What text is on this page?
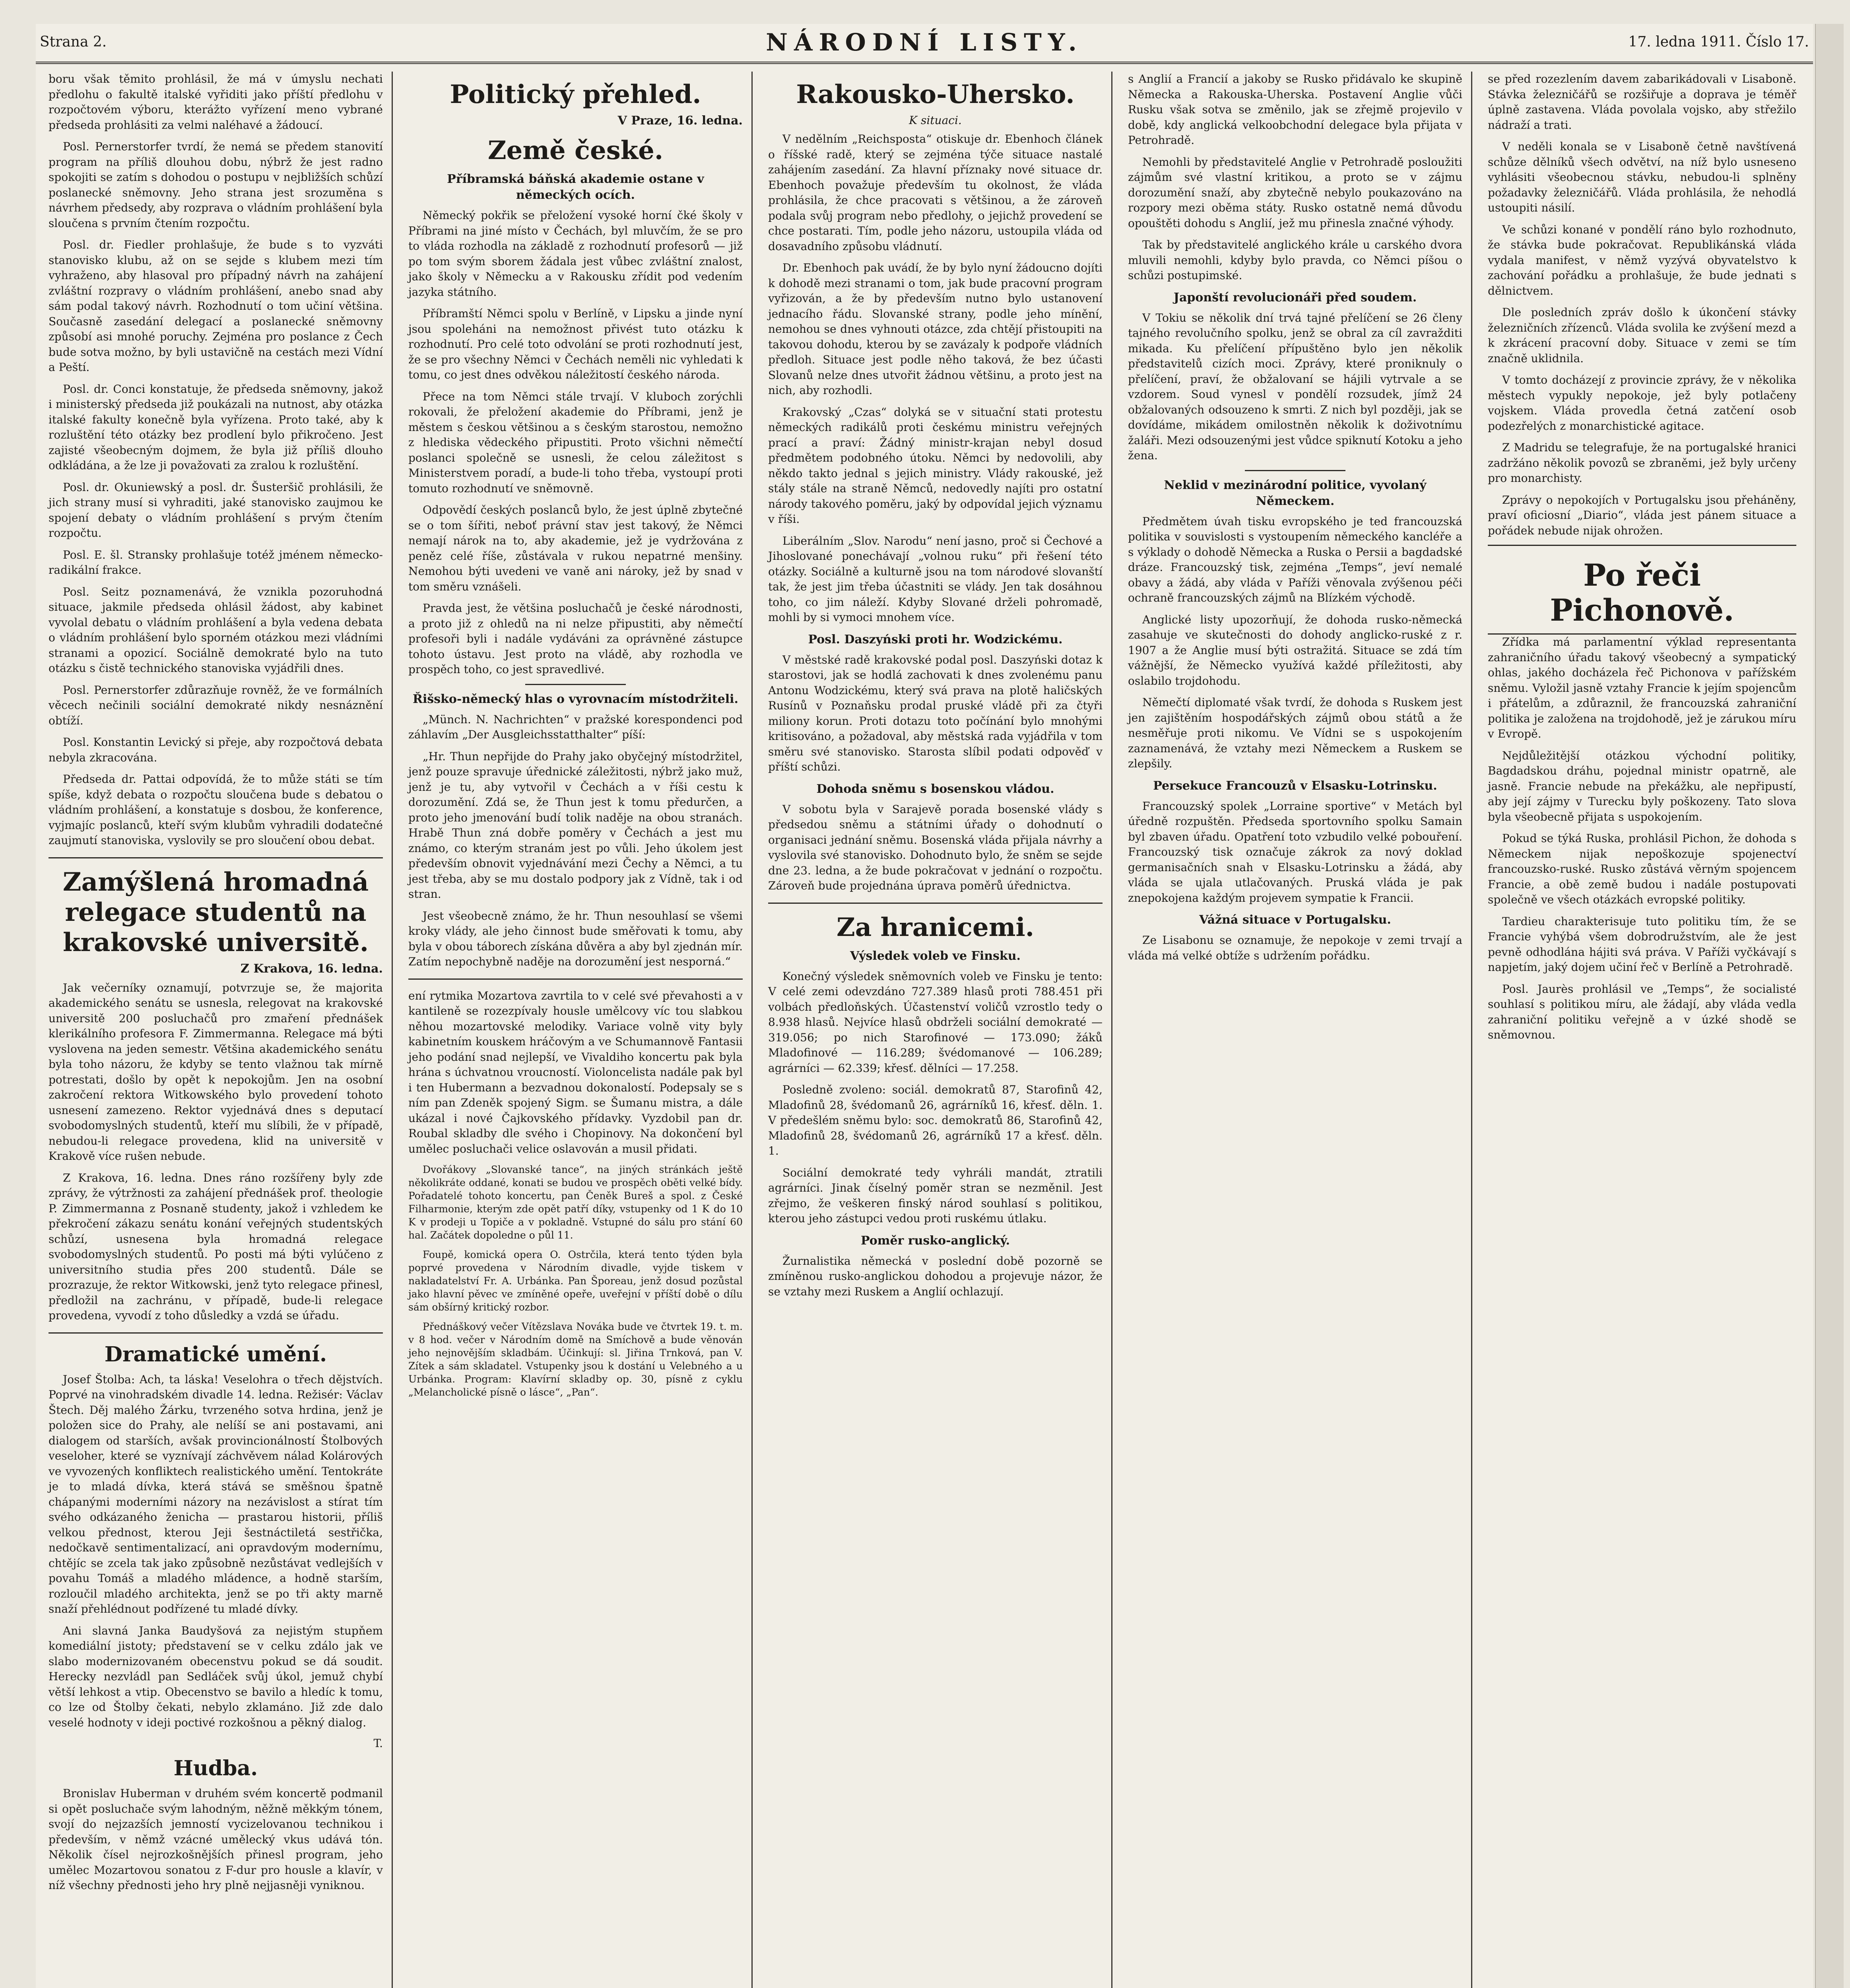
Strana 2.	NÁRODNÍ LISTY.	17. ledna 1911. Číslo 17.

boru však těmito prohlásil, že má v úmyslu nechati předlohu o fakultě italské vyřiditi jako příští předlohu v rozpočtovém výboru, kterážto vyřízení meno vybrané předseda prohlásiti za velmi naléhavé a žádoucí.

Posl. Pernerstorfer tvrdí, že nemá se předem stanovití program na příliš dlouhou dobu, nýbrž že jest radno spokojiti se zatím s dohodou o postupu v nejbližších schůzí poslanecké sněmovny. Jeho strana jest srozuměna s návrhem předsedy, aby rozprava o vládním prohlášení byla sloučena s prvním čtením rozpočtu.

Posl. dr. Fiedler prohlašuje, že bude s to vyzváti stanovisko klubu, až on se sejde s klubem mezi tím vyhraženo, aby hlasoval pro případný návrh na zahájení zvláštní rozpravy o vládním prohlášení, anebo snad aby sám podal takový návrh. Rozhodnutí o tom učiní většina. Současně zasedání delegací a poslanecké sněmovny způsobí asi mnohé poruchy. Zejména pro poslance z Čech bude sotva možno, by byli ustavičně na cestách mezi Vídní a Peští.

Posl. dr. Conci konstatuje, že předseda sněmovny, jakož i ministerský předseda již poukázali na nutnost, aby otázka italské fakulty konečně byla vyřízena. Proto také, aby k rozluštění této otázky bez prodlení bylo přikročeno. Jest zajisté všeobecným dojmem, že byla již příliš dlouho odkládána, a že lze ji považovati za zralou k rozluštění.

Posl. dr. Okuniewský a posl. dr. Šusteršič prohlásili, že jich strany musí si vyhraditi, jaké stanovisko zaujmou ke spojení debaty o vládním prohlášení s prvým čtením rozpočtu.

Posl. E. šl. Stransky prohlašuje totéž jménem německo-radikální frakce.

Posl. Seitz poznamenává, že vznikla pozoruhodná situace, jakmile předseda ohlásil žádost, aby kabinet vyvolal debatu o vládním prohlášení a byla vedena debata o vládním prohlášení bylo sporném otázkou mezi vládními stranami a opozicí. Sociálně demokraté bylo na tuto otázku s čistě technického stanoviska vyjádřili dnes.

Posl. Pernerstorfer zdůrazňuje rovněž, že ve formálních věcech nečinili sociální demokraté nikdy nesnáznění obtíží.

Posl. Konstantin Levický si přeje, aby rozpočtová debata nebyla zkracována.

Předseda dr. Pattai odpovídá, že to může státi se tím spíše, když debata o rozpočtu sloučena bude s debatou o vládním prohlášení, a konstatuje s dosbou, že konference, vyjmajíc poslanců, kteří svým klubům vyhradili dodatečné zaujmutí stanoviska, vyslovily se pro sloučení obou debat.

Zamýšlená hromadná relegace studentů na krakovské universitě.
Z Krakova, 16. ledna.

Jak večerníky oznamují, potvrzuje se, že majorita akademického senátu se usnesla, relegovat na krakovské universitě 200 posluchačů pro zmaření přednášek klerikálního profesora F. Zimmermanna. Relegace má býti vyslovena na jeden semestr. Většina akademického senátu byla toho názoru, že kdyby se tento vlažnou tak mírně potrestati, došlo by opět k nepokojům. Jen na osobní zakročení rektora Witkowského bylo provedení tohoto usnesení zamezeno. Rektor vyjednává dnes s deputací svobodomyslných studentů, kteří mu slíbili, že v případě, nebudou-li relegace provedena, klid na universitě v Krakově více rušen nebude.

Z Krakova, 16. ledna. Dnes ráno rozšířeny byly zde zprávy, že výtržnosti za zahájení přednášek prof. theologie P. Zimmermanna z Posnaně studenty, jakož i vzhledem ke překročení zákazu senátu konání veřejných studentských schůzí, usnesena byla hromadná relegace svobodomyslných studentů. Po posti má býti vylúčeno z universitního studia přes 200 studentů. Dále se prozrazuje, že rektor Witkowski, jenž tyto relegace přinesl, předložil na zachránu, v případě, bude-li relegace provedena, vyvodí z toho důsledky a vzdá se úřadu.

Dramatické umění.

Josef Štolba: Ach, ta láska! Veselohra o třech dějstvích. Poprvé na vinohradském divadle 14. ledna. Režisér: Václav Štech. Děj malého Žárku, tvrzeného sotva hrdina, jenž je položen sice do Prahy, ale nelíší se ani postavami, ani dialogem od starších, avšak provincionálností Štolbových veseloher, které se vyznívají záchvěvem nálad Kolárových ve vyvozených konfliktech realistického umění. Tentokráte je to mladá dívka, která stává se směšnou špatně chápanými moderními názory na nezávislost a stírat tím svého odkázaného ženicha — prastarou historii, příliš velkou přednost, kterou Jeji šestnáctiletá sestřička, nedočkavě sentimentalizací, ani opravdovým modernímu, chtějíc se zcela tak jako způsobně nezůstávat vedlejších v povahu Tomáš a mladého mládence, a hodně starším, rozloučil mladého architekta, jenž se po tři akty marně snaží přehlédnout podřízené tu mladé dívky.

Ani slavná Janka Baudyšová za nejistým stupňem komediální jistoty; představení se v celku zdálo jak ve slabo modernizovaném obecenstvu pokud se dá soudit. Herecky nezvládl pan Sedláček svůj úkol, jemuž chybí větší lehkost a vtip. Obecenstvo se bavilo a hledíc k tomu, co lze od Štolby čekati, nebylo zklamáno. Již zde dalo veselé hodnoty v ideji poctivé rozkošnou a pěkný dialog.

T.
Hudba.

Bronislav Huberman v druhém svém koncertě podmanil si opět posluchače svým lahodným, něžně měkkým tónem, svojí do nejzazších jemností vycizelovanou technikou i především, v němž vzácné umělecký vkus udává tón. Několik čísel nejrozkošnějších přinesl program, jeho umělec Mozartovou sonatou z F-dur pro housle a klavír, v níž všechny přednosti jeho hry plně nejjasněji vyniknou.

Politický přehled.
V Praze, 16. ledna.
Země české.
Příbramská báňská akademie ostane v německých ocích.

Německý pokřik se přeložení vysoké horní čké školy v Příbrami na jiné místo v Čechách, byl mluvčím, že se pro to vláda rozhodla na základě z rozhodnutí profesorů — již po tom svým sborem žádala jest vůbec zvláštní znalost, jako školy v Německu a v Rakousku zřídit pod vedením jazyka státního.

Příbramští Němci spolu v Berlíně, v Lipsku a jinde nyní jsou spoleháni na nemožnost přivést tuto otázku k rozhodnutí. Pro celé toto odvolání se proti rozhodnutí jest, že se pro všechny Němci v Čechách neměli nic vyhledati k tomu, co jest dnes odvěkou náležitostí českého národa.

Přece na tom Němci stále trvají. V kluboch zorýchli rokovali, že přeložení akademie do Příbrami, jenž je městem s českou většinou a s českým starostou, nemožno z hlediska vědeckého připustiti. Proto všichni němečtí poslanci společně se usnesli, že celou záležitost s Ministerstvem poradí, a bude-li toho třeba, vystoupí proti tomuto rozhodnutí ve sněmovně.

Odpovědí českých poslanců bylo, že jest úplně zbytečné se o tom šířiti, neboť právní stav jest takový, že Němci nemají nárok na to, aby akademie, jež je vydržována z peněz celé říše, zůstávala v rukou nepatrné menšiny. Nemohou býti uvedeni ve vaně ani nároky, jež by snad v tom směru vznášeli.

Pravda jest, že většina posluchačů je české národnosti, a proto již z ohledů na ni nelze připustiti, aby němečtí profesoři byli i nadále vydáváni za oprávněné zástupce tohoto ústavu. Jest proto na vládě, aby rozhodla ve prospěch toho, co jest spravedlivé.

Řišsko-německý hlas o vyrovnacím místodržiteli.

„Münch. N. Nachrichten“ v pražské korespondenci pod záhlavím „Der Ausgleichsstatthalter“ píší:

„Hr. Thun nepřijde do Prahy jako obyčejný místodržitel, jenž pouze spravuje úřednické záležitosti, nýbrž jako muž, jenž je tu, aby vytvořil v Čechách a v říši cestu k dorozumění. Zdá se, že Thun jest k tomu předurčen, a proto jeho jmenování budí tolik naděje na obou stranách. Hrabě Thun zná dobře poměry v Čechách a jest mu známo, co kterým stranám jest po vůli. Jeho úkolem jest především obnovit vyjednávání mezi Čechy a Němci, a tu jest třeba, aby se mu dostalo podpory jak z Vídně, tak i od stran.

Jest všeobecně známo, že hr. Thun nesouhlasí se všemi kroky vlády, ale jeho činnost bude směřovati k tomu, aby byla v obou táborech získána důvěra a aby byl zjednán mír. Zatím nepochybně naděje na dorozumění jest nesporná.“

ení rytmika Mozartova zavrtila to v celé své převahosti a v kantileně se rozezpívaly housle umělcovy víc tou slabkou něhou mozartovské melodiky. Variace volně vity byly kabinetním kouskem hráčovým a ve Schumannově Fantasii jeho podání snad nejlepší, ve Vivaldiho koncertu pak byla hrána s úchvatnou vroucností. Violoncelista nadále pak byl i ten Hubermann a bezvadnou dokonalostí. Podepsaly se s ním pan Zdeněk spojený Sigm. se Šumanu mistra, a dále ukázal i nové Čajkovského přídavky. Vyzdobil pan dr. Roubal skladby dle svého i Chopinovy. Na dokončení byl umělec posluchači velice oslavován a musil přidati.

Dvořákovy „Slovanské tance“, na jiných stránkách ještě několikráte oddané, konati se budou ve prospěch oběti velké bídy. Pořadatelé tohoto koncertu, pan Čeněk Bureš a spol. z České Filharmonie, kterým zde opět patří díky, vstupenky od 1 K do 10 K v prodeji u Topiče a v pokladně. Vstupné do sálu pro stání 60 hal. Začátek dopoledne o půl 11.

Foupě, komická opera O. Ostrčila, která tento týden byla poprvé provedena v Národním divadle, vyjde tiskem v nakladatelství Fr. A. Urbánka. Pan Šporeau, jenž dosud pozůstal jako hlavní pěvec ve zmíněné opeře, uveřejní v příští době o dílu sám obšírný kritický rozbor.

Přednáškový večer Vítězslava Nováka bude ve čtvrtek 19. t. m. v 8 hod. večer v Národním domě na Smíchově a bude věnován jeho nejnovějším skladbám. Účinkují: sl. Jiřina Trnková, pan V. Zítek a sám skladatel. Vstupenky jsou k dostání u Velebného a u Urbánka. Program: Klavírní skladby op. 30, písně z cyklu „Melancholické písně o lásce“, „Pan“.

Rakousko-Uhersko.
K situaci.

V nedělním „Reichsposta“ otiskuje dr. Ebenhoch článek o říšské radě, který se zejména týče situace nastalé zahájením zasedání. Za hlavní příznaky nové situace dr. Ebenhoch považuje především tu okolnost, že vláda prohlásila, že chce pracovati s většinou, a že zároveň podala svůj program nebo předlohy, o jejichž provedení se chce postarati. Tím, podle jeho názoru, ustoupila vláda od dosavadního způsobu vládnutí.

Dr. Ebenhoch pak uvádí, že by bylo nyní žádoucno dojíti k dohodě mezi stranami o tom, jak bude pracovní program vyřizován, a že by především nutno bylo ustanovení jednacího řádu. Slovanské strany, podle jeho mínění, nemohou se dnes vyhnouti otázce, zda chtějí přistoupiti na takovou dohodu, kterou by se zavázaly k podpoře vládních předloh. Situace jest podle něho taková, že bez účasti Slovanů nelze dnes utvořit žádnou většinu, a proto jest na nich, aby rozhodli.

Krakovský „Czas“ dolyká se v situační stati protestu německých radikálů proti českému ministru veřejných prací a praví: Žádný ministr-krajan nebyl dosud předmětem podobného útoku. Němci by nedovolili, aby někdo takto jednal s jejich ministry. Vlády rakouské, jež stály stále na straně Němců, nedovedly najíti pro ostatní národy takového poměru, jaký by odpovídal jejich významu v říši.

Liberálním „Slov. Narodu“ není jasno, proč si Čechové a Jihoslované ponechávají „volnou ruku“ při řešení této otázky. Sociálně a kulturně jsou na tom národové slovanští tak, že jest jim třeba účastniti se vlády. Jen tak dosáhnou toho, co jim náleží. Kdyby Slované drželi pohromadě, mohli by si vymoci mnohem více.

Posl. Daszyński proti hr. Wodzickému.

V městské radě krakovské podal posl. Daszyński dotaz k starostovi, jak se hodlá zachovati k dnes zvolenému panu Antonu Wodzickému, který svá prava na plotě haličských Rusínů v Poznaňsku prodal pruské vládě při za čtyři miliony korun. Proti dotazu toto počínání bylo mnohými kritisováno, a požadoval, aby městská rada vyjádřila v tom směru své stanovisko. Starosta slíbil podati odpověď v příští schůzi.

Dohoda sněmu s bosenskou vládou.

V sobotu byla v Sarajevě porada bosenské vlády s předsedou sněmu a státními úřady o dohodnutí o organisaci jednání sněmu. Bosenská vláda přijala návrhy a vyslovila své stanovisko. Dohodnuto bylo, že sněm se sejde dne 23. ledna, a že bude pokračovat v jednání o rozpočtu. Zároveň bude projednána úprava poměrů úřednictva.

Za hranicemi.
Výsledek voleb ve Finsku.

Konečný výsledek sněmovních voleb ve Finsku je tento: V celé zemi odevzdáno 727.389 hlasů proti 788.451 při volbách předloňských. Účastenství voličů vzrostlo tedy o 8.938 hlasů. Nejvíce hlasů obdrželi sociální demokraté — 319.056; po nich Starofinové — 173.090; žáků Mladofinové — 116.289; švédomanové — 106.289; agrárníci — 62.339; křesť. dělníci — 17.258.

Posledně zvoleno: sociál. demokratů 87, Starofinů 42, Mladofinů 28, švédomanů 26, agrárníků 16, křesť. děln. 1. V předešlém sněmu bylo: soc. demokratů 86, Starofinů 42, Mladofinů 28, švédomanů 26, agrárníků 17 a křesť. děln. 1.

Sociální demokraté tedy vyhráli mandát, ztratili agrárníci. Jinak číselný poměr stran se nezměnil. Jest zřejmo, že veškeren finský národ souhlasí s politikou, kterou jeho zástupci vedou proti ruskému útlaku.

Poměr rusko-anglický.

Žurnalistika německá v poslední době pozorně se zmíněnou rusko-anglickou dohodou a projevuje názor, že se vztahy mezi Ruskem a Anglií ochlazují.

s Anglií a Francií a jakoby se Rusko přidávalo ke skupině Německa a Rakouska-Uherska. Postavení Anglie vůči Rusku však sotva se změnilo, jak se zřejmě projevilo v době, kdy anglická velkoobchodní delegace byla přijata v Petrohradě.

Nemohli by představitelé Anglie v Petrohradě posloužiti zájmům své vlastní kritikou, a proto se v zájmu dorozumění snaží, aby zbytečně nebylo poukazováno na rozpory mezi oběma státy. Rusko ostatně nemá důvodu opouštěti dohodu s Anglií, jež mu přinesla značné výhody.

Tak by představitelé anglického krále u carského dvora mluvili nemohli, kdyby bylo pravda, co Němci píšou o schůzi postupimské.

Japonští revolucionáři před soudem.

V Tokiu se několik dní trvá tajné přelíčení se 26 členy tajného revolučního spolku, jenž se obral za cíl zavražditi mikada. Ku přelíčení přípuštěno bylo jen několik představitelů cizích moci. Zprávy, které proniknuly o přelíčení, praví, že obžalovaní se hájili vytrvale a se vzdorem. Soud vynesl v pondělí rozsudek, jímž 24 obžalovaných odsouzeno k smrti. Z nich byl později, jak se dovídáme, mikádem omilostněn několik k doživotnímu žaláři. Mezi odsouzenými jest vůdce spiknutí Kotoku a jeho žena.

Neklid v mezinárodní politice, vyvolaný Německem.

Předmětem úvah tisku evropského je ted francouzská politika v souvislosti s vystoupením německého kancléře a s výklady o dohodě Německa a Ruska o Persii a bagdadské dráze. Francouzský tisk, zejména „Temps“, jeví nemalé obavy a žádá, aby vláda v Paříži věnovala zvýšenou péči ochraně francouzských zájmů na Blízkém východě.

Anglické listy upozorňují, že dohoda rusko-německá zasahuje ve skutečnosti do dohody anglicko-ruské z r. 1907 a že Anglie musí býti ostražitá. Situace se zdá tím vážnější, že Německo využívá každé příležitosti, aby oslabilo trojdohodu.

Němečtí diplomaté však tvrdí, že dohoda s Ruskem jest jen zajištěním hospodářských zájmů obou států a že nesměřuje proti nikomu. Ve Vídni se s uspokojením zaznamenává, že vztahy mezi Německem a Ruskem se zlepšily.

Persekuce Francouzů v Elsasku-Lotrinsku.

Francouzský spolek „Lorraine sportive“ v Metách byl úředně rozpuštěn. Předseda sportovního spolku Samain byl zbaven úřadu. Opatření toto vzbudilo velké pobouření. Francouzský tisk označuje zákrok za nový doklad germanisačních snah v Elsasku-Lotrinsku a žádá, aby vláda se ujala utlačovaných. Pruská vláda je pak znepokojena každým projevem sympatie k Francii.

Vážná situace v Portugalsku.

Ze Lisabonu se oznamuje, že nepokoje v zemi trvají a vláda má velké obtíže s udržením pořádku.

se před rozezlením davem zabarikádovali v Lisaboně. Stávka železničářů se rozšiřuje a doprava je téměř úplně zastavena. Vláda povolala vojsko, aby střežilo nádraží a trati.

V neděli konala se v Lisaboně četně navštívená schůze dělníků všech odvětví, na níž bylo usneseno vyhlásiti všeobecnou stávku, nebudou-li splněny požadavky železničářů. Vláda prohlásila, že nehodlá ustoupiti násilí.

Ve schůzi konané v pondělí ráno bylo rozhodnuto, že stávka bude pokračovat. Republikánská vláda vydala manifest, v němž vyzývá obyvatelstvo k zachování pořádku a prohlašuje, že bude jednati s dělnictvem.

Dle posledních zpráv došlo k úkončení stávky železničních zřízenců. Vláda svolila ke zvýšení mezd a k zkrácení pracovní doby. Situace v zemi se tím značně uklidnila.

V tomto docházejí z provincie zprávy, že v několika městech vypukly nepokoje, jež byly potlačeny vojskem. Vláda provedla četná zatčení osob podezřelých z monarchistické agitace.

Z Madridu se telegrafuje, že na portugalské hranici zadržáno několik povozů se zbraněmi, jež byly určeny pro monarchisty.

Zprávy o nepokojích v Portugalsku jsou přeháněny, praví oficiosní „Diario“, vláda jest pánem situace a pořádek nebude nijak ohrožen.

Po řeči Pichonově.

Zřídka má parlamentní výklad representanta zahraničního úřadu takový všeobecný a sympatický ohlas, jakého docházela řeč Pichonova v pařížském sněmu. Vyložil jasně vztahy Francie k jejím spojencům i přátelům, a zdůraznil, že francouzská zahraniční politika je založena na trojdohodě, jež je zárukou míru v Evropě.

Nejdůležitější otázkou východní politiky, Bagdadskou dráhu, pojednal ministr opatrně, ale jasně. Francie nebude na překážku, ale nepřipustí, aby její zájmy v Turecku byly poškozeny. Tato slova byla všeobecně přijata s uspokojením.

Pokud se týká Ruska, prohlásil Pichon, že dohoda s Německem nijak nepoškozuje spojenectví francouzsko-ruské. Rusko zůstává věrným spojencem Francie, a obě země budou i nadále postupovati společně ve všech otázkách evropské politiky.

Tardieu charakterisuje tuto politiku tím, že se Francie vyhýbá všem dobrodružstvím, ale že jest pevně odhodlána hájiti svá práva. V Paříži vyčkávají s napjetím, jaký dojem učiní řeč v Berlíně a Petrohradě.

Posl. Jaurès prohlásil ve „Temps“, že socialisté souhlasí s politikou míru, ale žádají, aby vláda vedla zahraniční politiku veřejně a v úzké shodě se sněmovnou.
